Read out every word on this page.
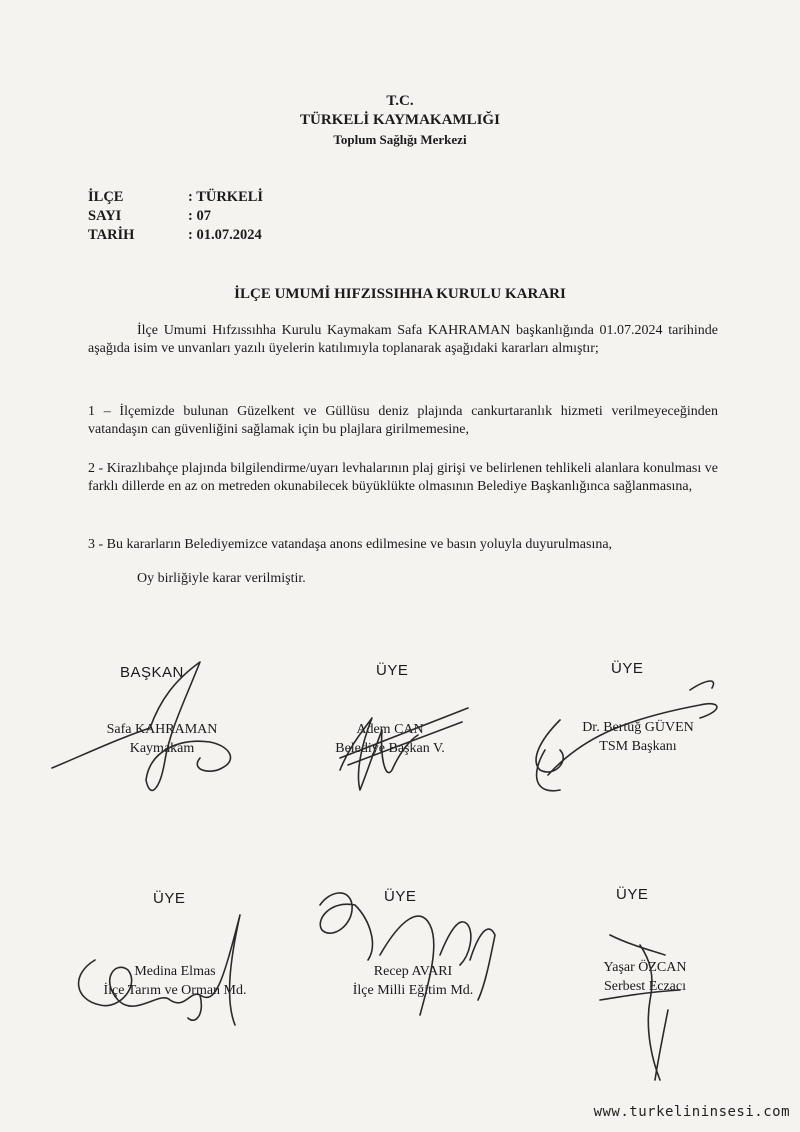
T.C.
TÜRKELİ KAYMAKAMLIĞI
Toplum Sağlığı Merkezi
İLÇE	: TÜRKELİ
SAYI	: 07
TARİH	: 01.07.2024
İLÇE UMUMİ HIFZISSIHHA KURULU KARARI
İlçe Umumi Hıfzıssıhha Kurulu Kaymakam Safa KAHRAMAN başkanlığında 01.07.2024 tarihinde aşağıda isim ve unvanları yazılı üyelerin katılımıyla toplanarak aşağıdaki kararları almıştır;
1 – İlçemizde bulunan Güzelkent ve Güllüsu deniz plajında cankurtaranlık hizmeti verilmeyeceğinden vatandaşın can güvenliğini sağlamak için bu plajlara girilmemesine,
2 - Kirazlıbahçe plajında bilgilendirme/uyarı levhalarının plaj girişi ve belirlenen tehlikeli alanlara konulması ve farklı dillerde en az on metreden okunabilecek büyüklükte olmasının Belediye Başkanlığınca sağlanmasına,
3 - Bu kararların Belediyemizce vatandaşa anons edilmesine ve basın yoluyla duyurulmasına,
Oy birliğiyle karar verilmiştir.
BAŞKAN
Safa KAHRAMAN
Kaymakam
ÜYE
Adem CAN
Belediye Başkan V.
ÜYE
Dr. Bertuğ GÜVEN
TSM Başkanı
ÜYE
Medina Elmas
İlçe Tarım ve Orman Md.
ÜYE
Recep AVARI
İlçe Milli Eğitim Md.
ÜYE
Yaşar ÖZCAN
Serbest Eczacı
www.turkelininsesi.com
